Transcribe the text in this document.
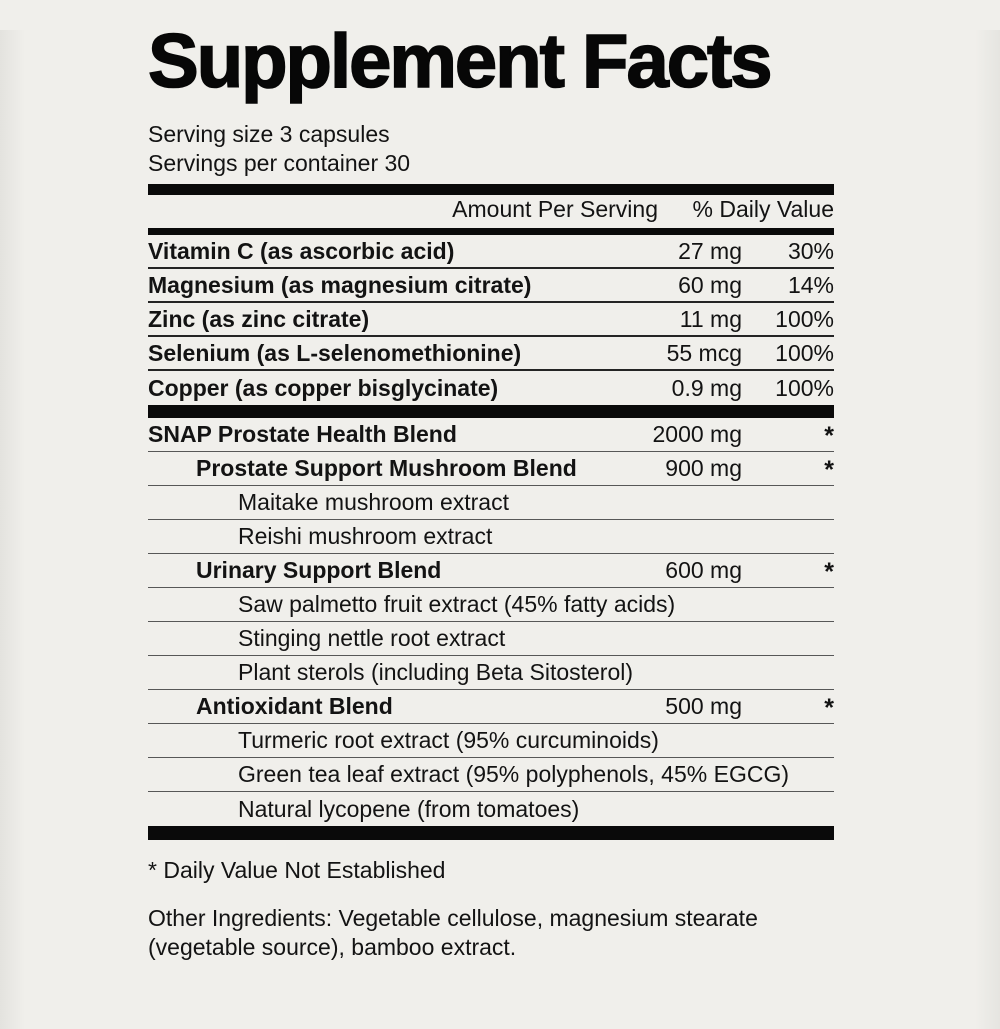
Supplement Facts
Serving size 3 capsules
Servings per container 30
Amount Per Serving % Daily Value
Vitamin C (as ascorbic acid)	27 mg 30%
Magnesium (as magnesium citrate)	60 mg 14%
Zinc (as zinc citrate)	11 mg 100%
Selenium (as L-selenomethionine)	55 mcg 100%
Copper (as copper bisglycinate)	0.9 mg 100%
SNAP Prostate Health Blend	2000 mg	*
Prostate Support Mushroom Blend	900 mg	*
Maitake mushroom extract
Reishi mushroom extract
Urinary Support Blend	600 mg	*
Saw palmetto fruit extract (45% fatty acids)
Stinging nettle root extract
Plant sterols (including Beta Sitosterol)
Antioxidant Blend	500 mg	*
Turmeric root extract (95% curcuminoids)
Green tea leaf extract (95% polyphenols, 45% EGCG)
Natural lycopene (from tomatoes)
* Daily Value Not Established
Other Ingredients: Vegetable cellulose, magnesium stearate (vegetable source), bamboo extract.
